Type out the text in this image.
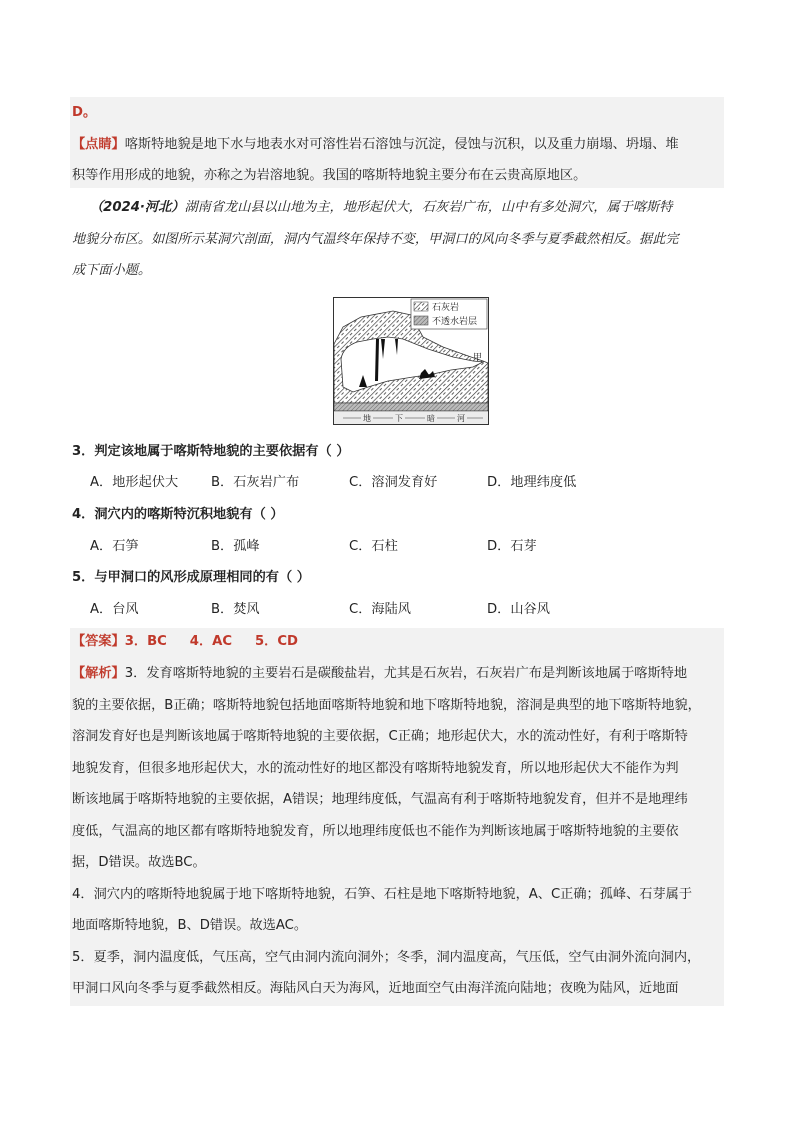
D。
【点睛】喀斯特地貌是地下水与地表水对可溶性岩石溶蚀与沉淀，侵蚀与沉积，以及重力崩塌、坍塌、堆
积等作用形成的地貌，亦称之为岩溶地貌。我国的喀斯特地貌主要分布在云贵高原地区。
（2024·河北）湖南省龙山县以山地为主，地形起伏大，石灰岩广布，山中有多处洞穴，属于喀斯特
地貌分布区。如图所示某洞穴剖面，洞内气温终年保持不变，甲洞口的风向冬季与夏季截然相反。据此完
成下面小题。
石灰岩
不透水岩层
甲
地	下	暗	河
3．判定该地属于喀斯特地貌的主要依据有（ ）
A．地形起伏大 B．石灰岩广布	C．溶洞发育好	D．地理纬度低
4．洞穴内的喀斯特沉积地貌有（ ）
A．石笋	B．孤峰	C．石柱	D．石芽
5．与甲洞口的风形成原理相同的有（ ）
A．台风	B．焚风	C．海陆风	D．山谷风
【答案】3．BC     4．AC     5．CD
【解析】3．发育喀斯特地貌的主要岩石是碳酸盐岩，尤其是石灰岩，石灰岩广布是判断该地属于喀斯特地
貌的主要依据，B正确；喀斯特地貌包括地面喀斯特地貌和地下喀斯特地貌，溶洞是典型的地下喀斯特地貌，
溶洞发育好也是判断该地属于喀斯特地貌的主要依据，C正确；地形起伏大，水的流动性好，有利于喀斯特
地貌发育，但很多地形起伏大，水的流动性好的地区都没有喀斯特地貌发育，所以地形起伏大不能作为判
断该地属于喀斯特地貌的主要依据，A错误；地理纬度低，气温高有利于喀斯特地貌发育，但并不是地理纬
度低，气温高的地区都有喀斯特地貌发育，所以地理纬度低也不能作为判断该地属于喀斯特地貌的主要依
据，D错误。故选BC。
4．洞穴内的喀斯特地貌属于地下喀斯特地貌，石笋、石柱是地下喀斯特地貌，A、C正确；孤峰、石芽属于
地面喀斯特地貌，B、D错误。故选AC。
5．夏季，洞内温度低，气压高，空气由洞内流向洞外；冬季，洞内温度高，气压低，空气由洞外流向洞内，
甲洞口风向冬季与夏季截然相反。海陆风白天为海风，近地面空气由海洋流向陆地；夜晚为陆风，近地面
